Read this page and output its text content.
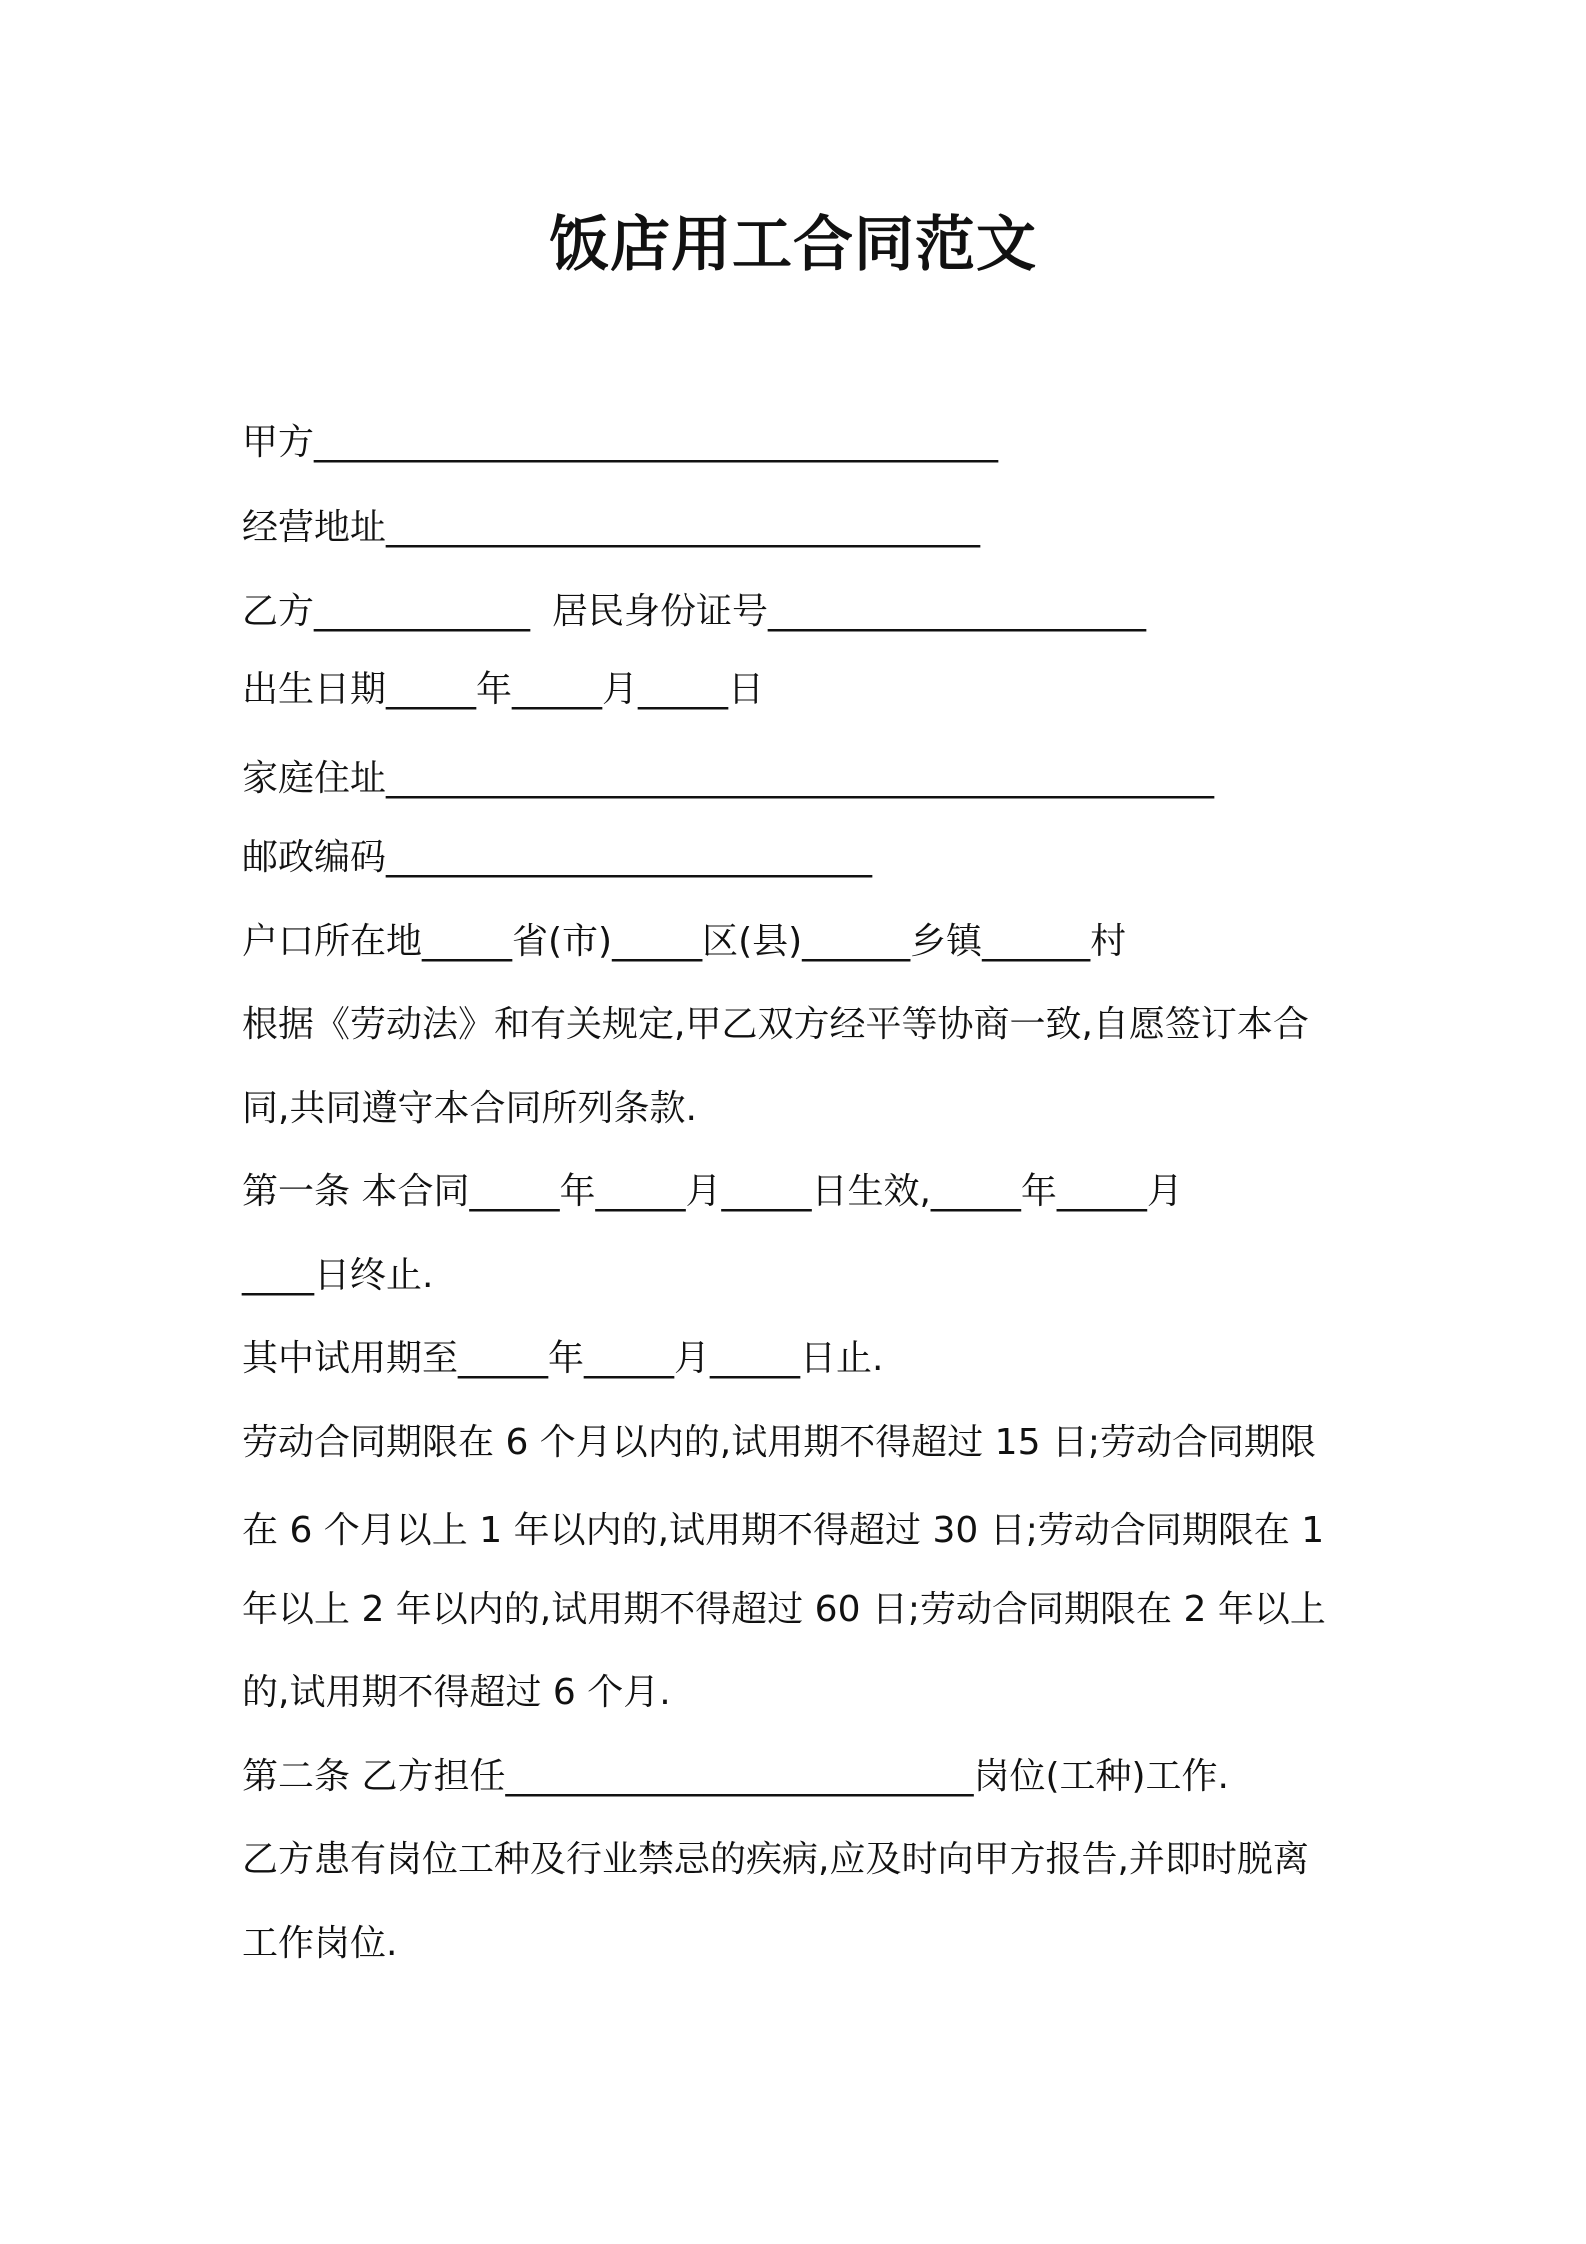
饭店用工合同范文
甲方______________________________________
经营地址_________________________________
乙方____________ 居民身份证号_____________________
出生日期_____年_____月_____日
家庭住址______________________________________________
邮政编码___________________________
户口所在地_____省(市)_____区(县)______乡镇______村
根据《劳动法》和有关规定,甲乙双方经平等协商一致,自愿签订本合
同,共同遵守本合同所列条款.
第一条 本合同_____年_____月_____日生效,_____年_____月
____日终止.
其中试用期至_____年_____月_____日止.
劳动合同期限在 6 个月以内的,试用期不得超过 15 日;劳动合同期限
在 6 个月以上 1 年以内的,试用期不得超过 30 日;劳动合同期限在 1
年以上 2 年以内的,试用期不得超过 60 日;劳动合同期限在 2 年以上
的,试用期不得超过 6 个月.
第二条 乙方担任__________________________岗位(工种)工作.
乙方患有岗位工种及行业禁忌的疾病,应及时向甲方报告,并即时脱离
工作岗位.
